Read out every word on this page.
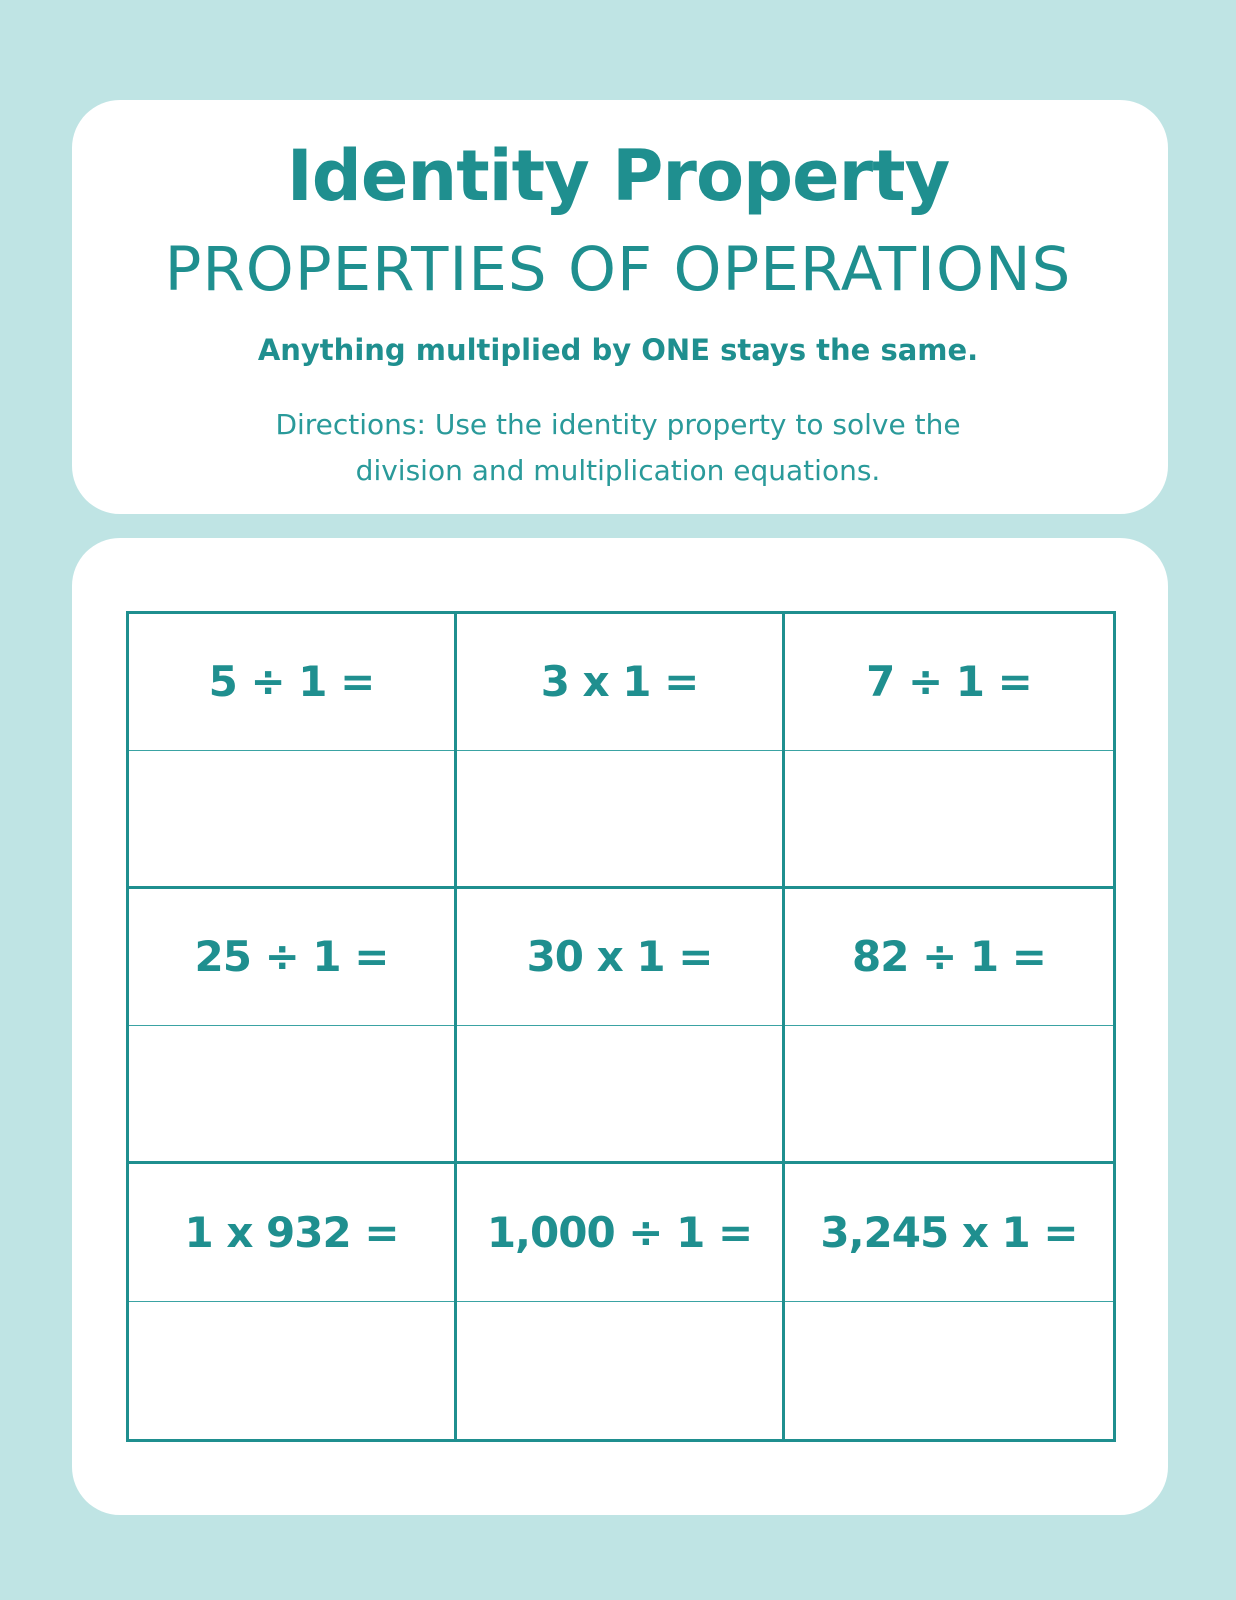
Identity Property
PROPERTIES OF OPERATIONS
Anything multiplied by ONE stays the same.
Directions: Use the identity property to solve the division and multiplication equations.
5 ÷ 1 =	3 x 1 =	7 ÷ 1 =
25 ÷ 1 =	30 x 1 =	82 ÷ 1 =
1 x 932 =	1,000 ÷ 1 =	3,245 x 1 =
